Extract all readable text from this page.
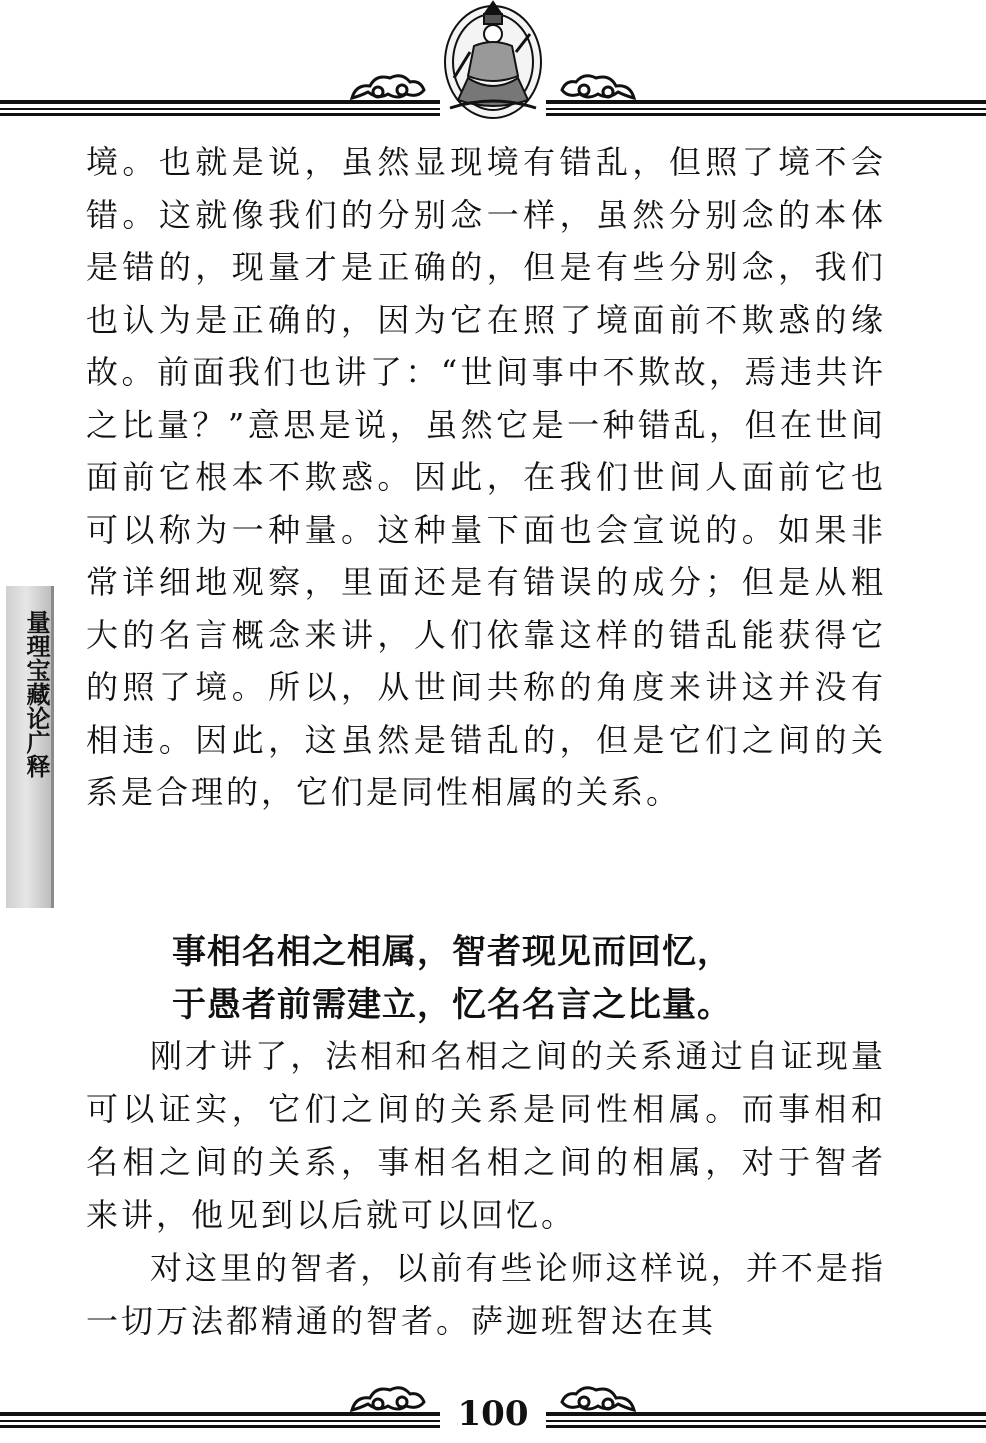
量理宝藏论广释

境。也就是说，虽然显现境有错乱，但照了境不会错。这就像我们的分别念一样，虽然分别念的本体是错的，现量才是正确的，但是有些分别念，我们也认为是正确的，因为它在照了境面前不欺惑的缘故。前面我们也讲了：“世间事中不欺故，焉违共许之比量？”意思是说，虽然它是一种错乱，但在世间面前它根本不欺惑。因此，在我们世间人面前它也可以称为一种量。这种量下面也会宣说的。如果非常详细地观察，里面还是有错误的成分；但是从粗大的名言概念来讲，人们依靠这样的错乱能获得它的照了境。所以，从世间共称的角度来讲这并没有相违。因此，这虽然是错乱的，但是它们之间的关系是合理的，它们是同性相属的关系。

事相名相之相属，智者现见而回忆，
于愚者前需建立，忆名名言之比量。

刚才讲了，法相和名相之间的关系通过自证现量可以证实，它们之间的关系是同性相属。而事相和名相之间的关系，事相名相之间的相属，对于智者来讲，他见到以后就可以回忆。

对这里的智者，以前有些论师这样说，并不是指一切万法都精通的智者。萨迦班智达在其

100
